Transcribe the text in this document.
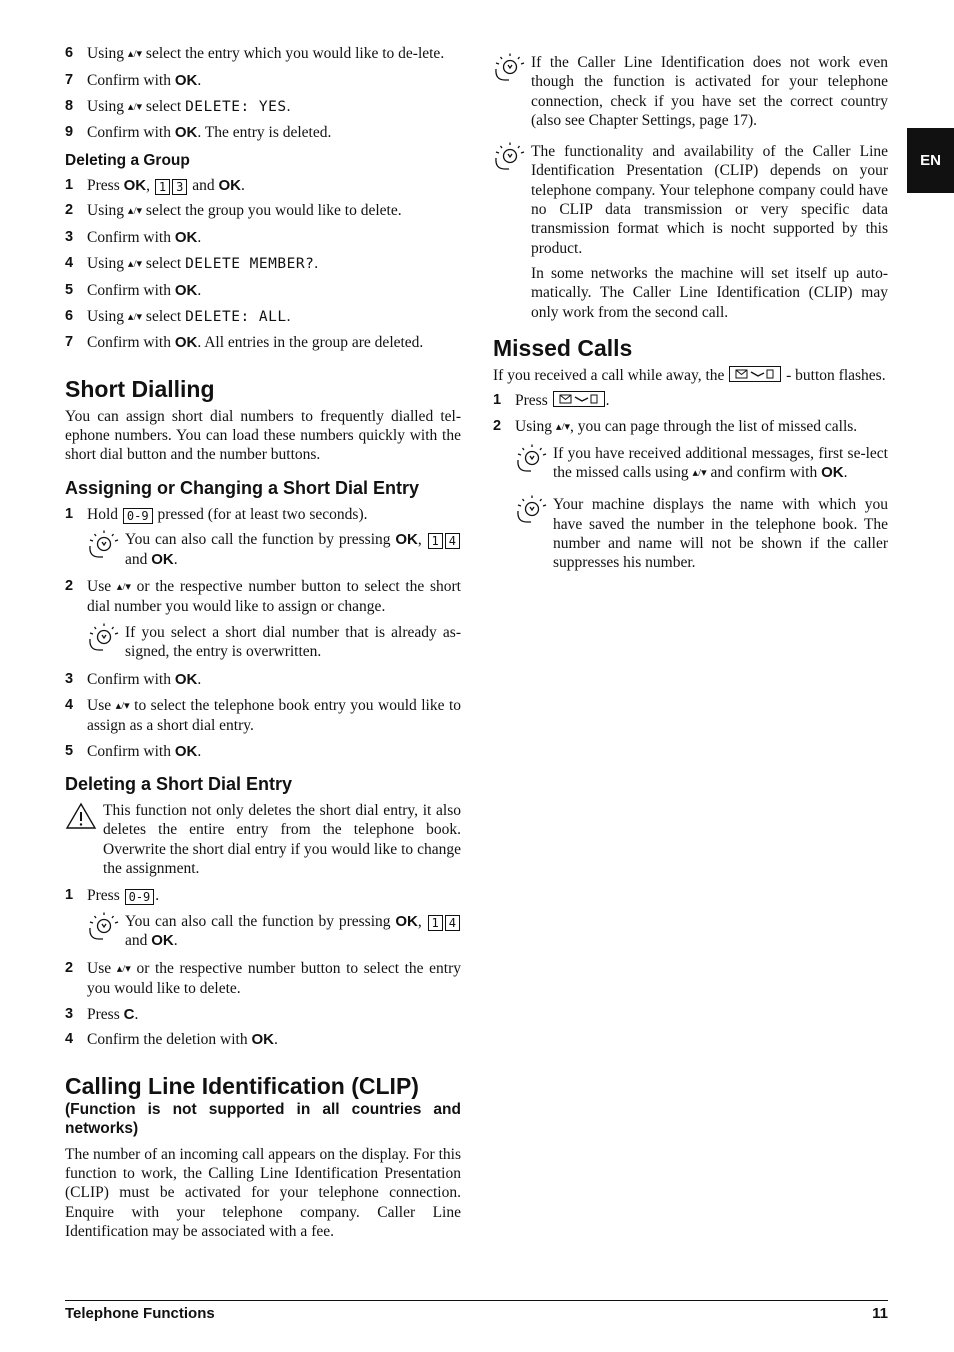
6 Using ▴/▾ select the entry which you would like to de-lete.
7 Confirm with OK.
8 Using ▴/▾ select DELETE: YES.
9 Confirm with OK. The entry is deleted.
Deleting a Group
1 Press OK, 1 3 and OK.
2 Using ▴/▾ select the group you would like to delete.
3 Confirm with OK.
4 Using ▴/▾ select DELETE MEMBER?.
5 Confirm with OK.
6 Using ▴/▾ select DELETE: ALL.
7 Confirm with OK. All entries in the group are deleted.
Short Dialling

You can assign short dial numbers to frequently dialled tel-ephone numbers. You can load these numbers quickly with the short dial button and the number buttons.

Assigning or Changing a Short Dial Entry
1 Hold 0-9 pressed (for at least two seconds).
You can also call the function by pressing OK, 1 4 and OK.
2 Use ▴/▾ or the respective number button to select the short dial number you would like to assign or change.
If you select a short dial number that is already as-signed, the entry is overwritten.
3 Confirm with OK.
4 Use ▴/▾ to select the telephone book entry you would like to assign as a short dial entry.
5 Confirm with OK.
Deleting a Short Dial Entry
This function not only deletes the short dial entry, it also deletes the entire entry from the telephone book. Overwrite the short dial entry if you would like to change the assignment.
1 Press 0-9 .
You can also call the function by pressing OK, 1 4 and OK.
2 Use ▴/▾ or the respective number button to select the entry you would like to delete.
3 Press C.
4 Confirm the deletion with OK.
Calling Line Identification (CLIP)
(Function is not supported in all countries and networks)

The number of an incoming call appears on the display. For this function to work, the Calling Line Identification Presentation (CLIP) must be activated for your telephone connection. Enquire with your telephone company. Caller Line Identification may be associated with a fee.

If the Caller Line Identification does not work even though the function is activated for your telephone connection, check if you have set the correct country (also see Chapter Settings, page 17).
The functionality and availability of the Caller Line Identification Presentation (CLIP) depends on your telephone company. Your telephone company could have no CLIP data transmission or very specific data transmission format which is nocht supported by this product.
In some networks the machine will set itself up auto-matically. The Caller Line Identification (CLIP) may only work from the second call.
Missed Calls

If you received a call while away, the	- button flashes.

1 Press	.
2 Using ▴/▾, you can page through the list of missed calls.
If you have received additional messages, first se-lect the missed calls using ▴/▾ and confirm with OK.
Your machine displays the name with which you have saved the number in the telephone book. The number and name will not be shown if the caller suppresses his number.
EN
Telephone Functions	11
